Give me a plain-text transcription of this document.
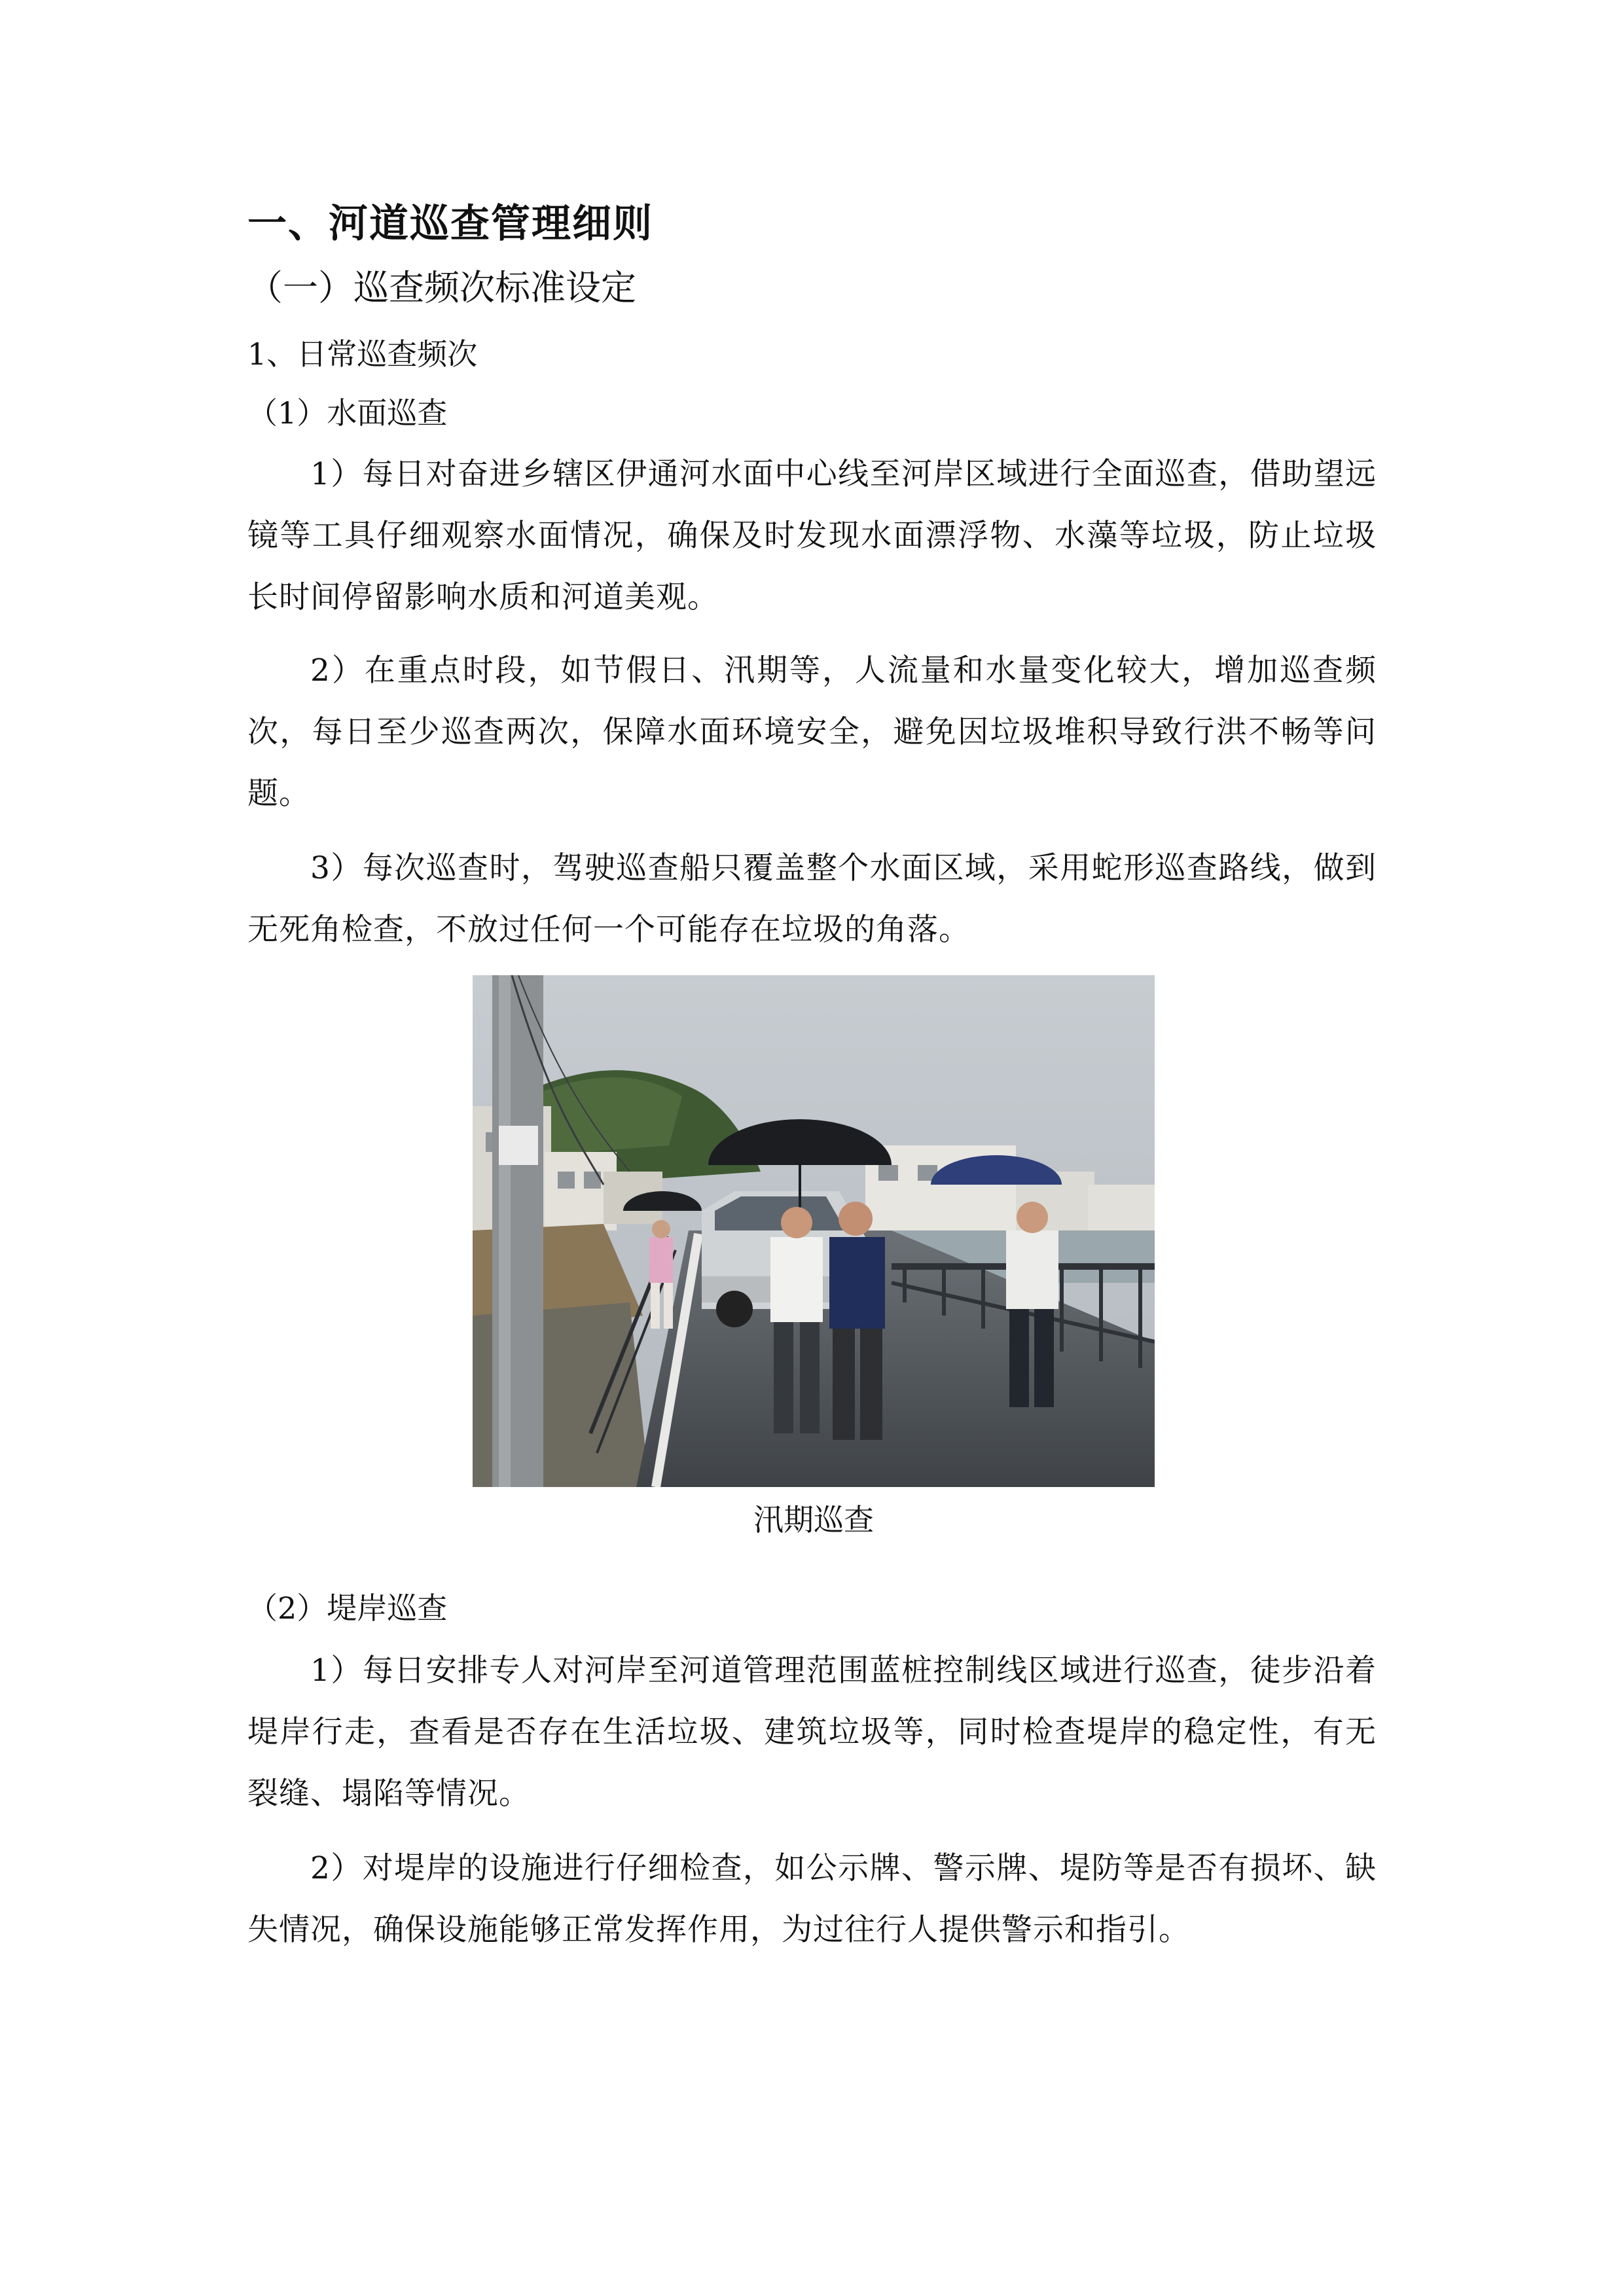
一、河道巡查管理细则
（一）巡查频次标准设定
1、日常巡查频次
（1）水面巡查

1）每日对奋进乡辖区伊通河水面中心线至河岸区域进行全面巡查，借助望远镜等工具仔细观察水面情况，确保及时发现水面漂浮物、水藻等垃圾，防止垃圾长时间停留影响水质和河道美观。

2）在重点时段，如节假日、汛期等，人流量和水量变化较大，增加巡查频次，每日至少巡查两次，保障水面环境安全，避免因垃圾堆积导致行洪不畅等问题。

3）每次巡查时，驾驶巡查船只覆盖整个水面区域，采用蛇形巡查路线，做到无死角检查，不放过任何一个可能存在垃圾的角落。

汛期巡查
（2）堤岸巡查

1）每日安排专人对河岸至河道管理范围蓝桩控制线区域进行巡查，徒步沿着堤岸行走，查看是否存在生活垃圾、建筑垃圾等，同时检查堤岸的稳定性，有无裂缝、塌陷等情况。

2）对堤岸的设施进行仔细检查，如公示牌、警示牌、堤防等是否有损坏、缺失情况，确保设施能够正常发挥作用，为过往行人提供警示和指引。
